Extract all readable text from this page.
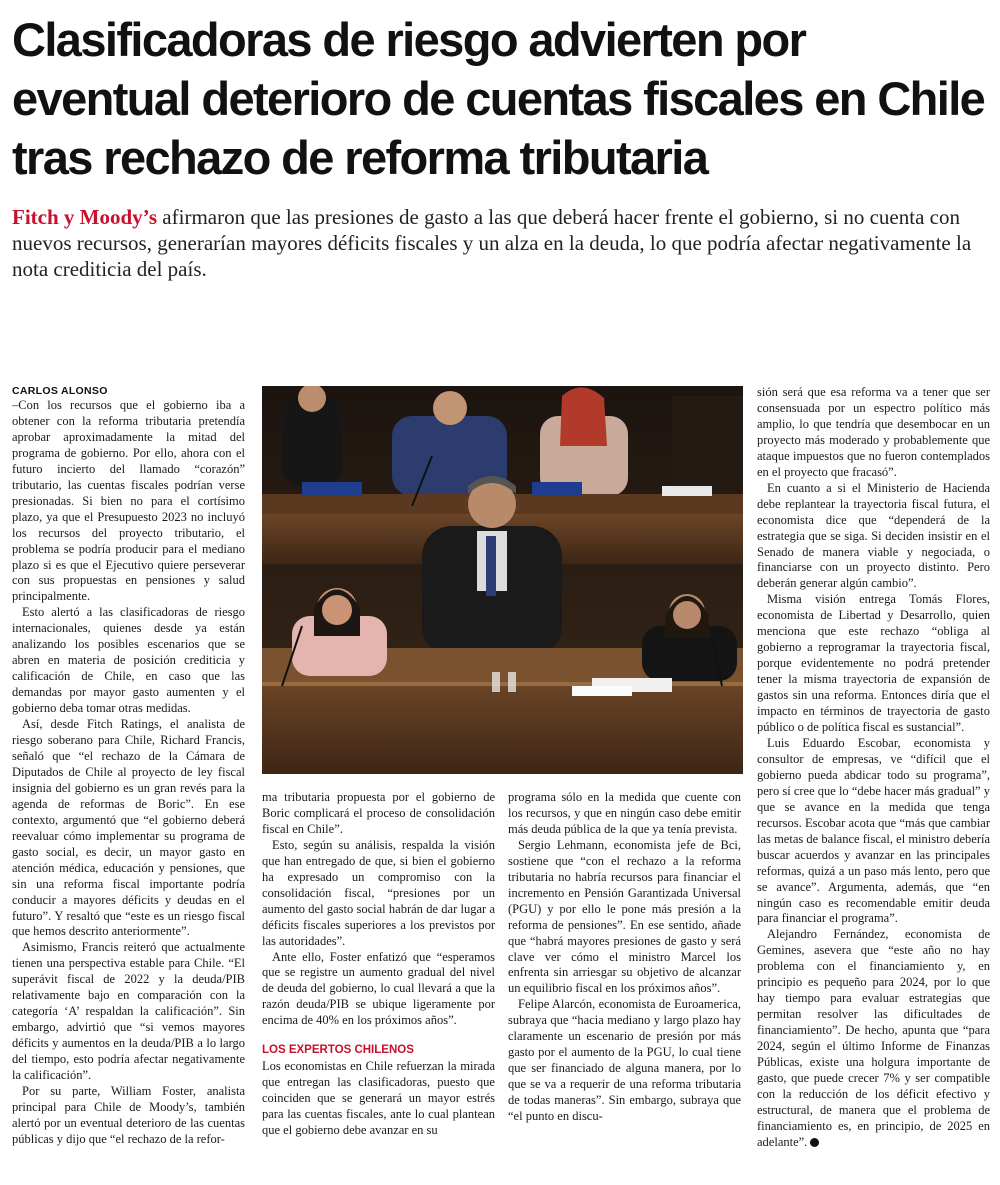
Clasificadoras de riesgo advierten por eventual deterioro de cuentas fiscales en Chile tras rechazo de reforma tributaria

Fitch y Moody’s afirmaron que las presiones de gasto a las que deberá hacer frente el gobierno, si no cuenta con nuevos recursos, generarían mayores déficits fiscales y un alza en la deuda, lo que podría afectar negativamente la nota crediticia del país.

CARLOS ALONSO

–Con los recursos que el gobierno iba a obtener con la reforma tributaria pretendía aprobar aproximadamente la mitad del programa de gobierno. Por ello, ahora con el futuro incierto del llamado “corazón” tributario, las cuentas fiscales podrían verse presionadas. Si bien no para el cortísimo plazo, ya que el Presupuesto 2023 no incluyó los recursos del proyecto tributario, el problema se podría producir para el mediano plazo si es que el Ejecutivo quiere perseverar con sus propuestas en pensiones y salud principalmente.

Esto alertó a las clasificadoras de riesgo internacionales, quienes desde ya están analizando los posibles escenarios que se abren en materia de posición crediticia y calificación de Chile, en caso que las demandas por mayor gasto aumenten y el gobierno deba tomar otras medidas.

Así, desde Fitch Ratings, el analista de riesgo soberano para Chile, Richard Francis, señaló que “el rechazo de la Cámara de Diputados de Chile al proyecto de ley fiscal insignia del gobierno es un gran revés para la agenda de reformas de Boric”. En ese contexto, argumentó que “el gobierno deberá reevaluar cómo implementar su programa de gasto social, es decir, un mayor gasto en atención médica, educación y pensiones, que sin una reforma fiscal importante podría conducir a mayores déficits y deudas en el futuro”. Y resaltó que “este es un riesgo fiscal que hemos descrito anteriormente”.

Asimismo, Francis reiteró que actualmente tienen una perspectiva estable para Chile. “El superávit fiscal de 2022 y la deuda/PIB relativamente bajo en comparación con la categoría ‘A’ respaldan la calificación”. Sin embargo, advirtió que “si vemos mayores déficits y aumentos en la deuda/PIB a lo largo del tiempo, esto podría afectar negativamente la calificación”.

Por su parte, William Foster, analista principal para Chile de Moody’s, también alertó por un eventual deterioro de las cuentas públicas y dijo que “el rechazo de la refor-

ma tributaria propuesta por el gobierno de Boric complicará el proceso de consolidación fiscal en Chile”.

Esto, según su análisis, respalda la visión que han entregado de que, si bien el gobierno ha expresado un compromiso con la consolidación fiscal, “presiones por un aumento del gasto social habrán de dar lugar a déficits fiscales superiores a los previstos por las autoridades”.

Ante ello, Foster enfatizó que “esperamos que se registre un aumento gradual del nivel de deuda del gobierno, lo cual llevará a que la razón deuda/PIB se ubique ligeramente por encima de 40% en los próximos años”.

LOS EXPERTOS CHILENOS

Los economistas en Chile refuerzan la mirada que entregan las clasificadoras, puesto que coinciden que se generará un mayor estrés para las cuentas fiscales, ante lo cual plantean que el gobierno debe avanzar en su

programa sólo en la medida que cuente con los recursos, y que en ningún caso debe emitir más deuda pública de la que ya tenía prevista.

Sergio Lehmann, economista jefe de Bci, sostiene que “con el rechazo a la reforma tributaria no habría recursos para financiar el incremento en Pensión Garantizada Universal (PGU) y por ello le pone más presión a la reforma de pensiones”. En ese sentido, añade que “habrá mayores presiones de gasto y será clave ver cómo el ministro Marcel los enfrenta sin arriesgar su objetivo de alcanzar un equilibrio fiscal en los próximos años”.

Felipe Alarcón, economista de Euroamerica, subraya que “hacia mediano y largo plazo hay claramente un escenario de presión por más gasto por el aumento de la PGU, lo cual tiene que ser financiado de alguna manera, por lo que se va a requerir de una reforma tributaria de todas maneras”. Sin embargo, subraya que “el punto en discu-

sión será que esa reforma va a tener que ser consensuada por un espectro político más amplio, lo que tendría que desembocar en un proyecto más moderado y probablemente que ataque impuestos que no fueron contemplados en el proyecto que fracasó”.

En cuanto a si el Ministerio de Hacienda debe replantear la trayectoria fiscal futura, el economista dice que “dependerá de la estrategia que se siga. Si deciden insistir en el Senado de manera viable y negociada, o financiarse con un proyecto distinto. Pero deberán generar algún cambio”.

Misma visión entrega Tomás Flores, economista de Libertad y Desarrollo, quien menciona que este rechazo “obliga al gobierno a reprogramar la trayectoria fiscal, porque evidentemente no podrá pretender tener la misma trayectoria de expansión de gastos sin una reforma. Entonces diría que el impacto en términos de trayectoria de gasto público o de política fiscal es sustancial”.

Luis Eduardo Escobar, economista y consultor de empresas, ve “difícil que el gobierno pueda abdicar todo su programa”, pero sí cree que lo “debe hacer más gradual” y que se avance en la medida que tenga recursos. Escobar acota que “más que cambiar las metas de balance fiscal, el ministro debería buscar acuerdos y avanzar en las principales reformas, quizá a un paso más lento, pero que se avance”. Argumenta, además, que “en ningún caso es recomendable emitir deuda para financiar el programa”.

Alejandro Fernández, economista de Gemines, asevera que “este año no hay problema con el financiamiento y, en principio es pequeño para 2024, por lo que hay tiempo para evaluar estrategias que permitan resolver las dificultades de financiamiento”. De hecho, apunta que “para 2024, según el último Informe de Finanzas Públicas, existe una holgura importante de gasto, que puede crecer 7% y ser compatible con la reducción de los déficit efectivo y estructural, de manera que el problema de financiamiento es, en principio, de 2025 en adelante”.
